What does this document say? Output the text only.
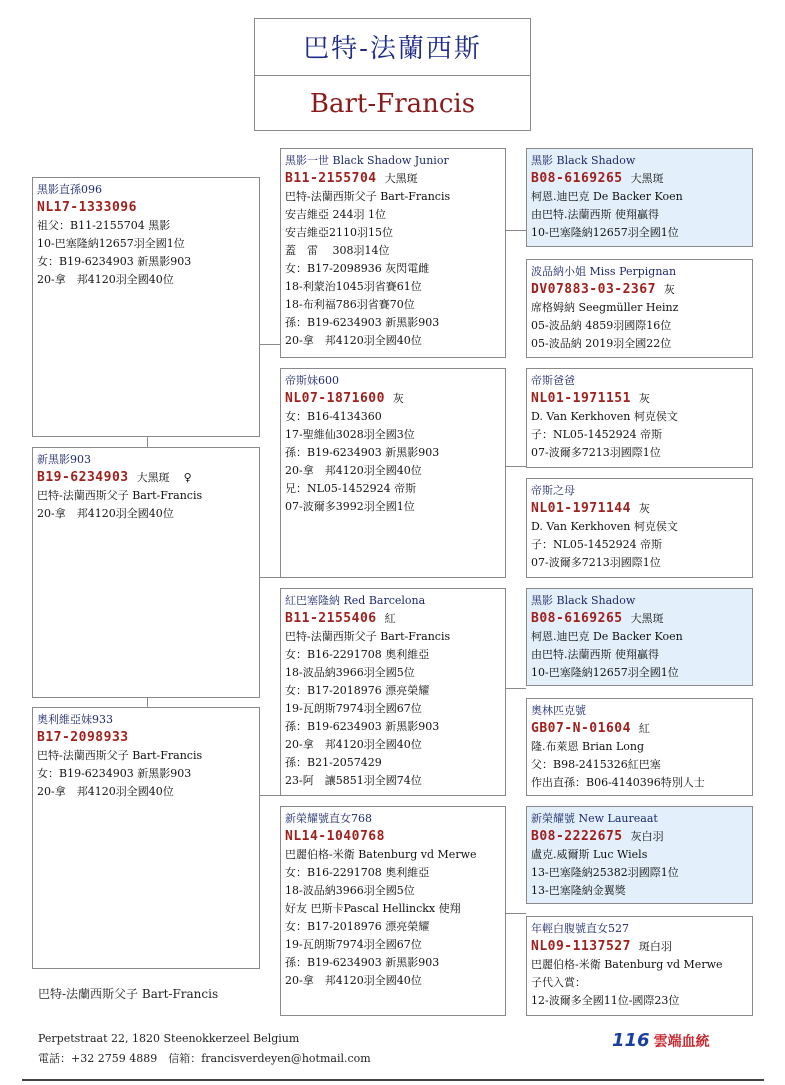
巴特-法蘭西斯
Bart-Francis
黑影直孫096
NL17-1333096
祖父：B11-2155704 黑影
10-巴塞隆納12657羽全國1位
女：B19-6234903 新黑影903
20-拿　邦4120羽全國40位
新黑影903
B19-6234903 大黑斑 ♀
巴特-法蘭西斯父子 Bart-Francis
20-拿　邦4120羽全國40位
奧利維亞妹933
B17-2098933
巴特-法蘭西斯父子 Bart-Francis
女：B19-6234903 新黑影903
20-拿　邦4120羽全國40位
黑影一世 Black Shadow Junior
B11-2155704 大黑斑
巴特-法蘭西斯父子 Bart-Francis
安吉維亞 244羽 1位
安吉維亞2110羽15位
蓋　雷　 308羽14位
女：B17-2098936 灰閃電雌
18-利蒙治1045羽省賽61位
18-布利福786羽省賽70位
孫：B19-6234903 新黑影903
20-拿　邦4120羽全國40位
帝斯妹600
NL07-1871600 灰
女：B16-4134360
17-聖維仙3028羽全國3位
孫：B19-6234903 新黑影903
20-拿　邦4120羽全國40位
兄：NL05-1452924 帝斯
07-波爾多3992羽全國1位
紅巴塞隆納 Red Barcelona
B11-2155406 紅
巴特-法蘭西斯父子 Bart-Francis
女：B16-2291708 奧利維亞
18-波品納3966羽全國5位
女：B17-2018976 漂亮榮耀
19-瓦朗斯7974羽全國67位
孫：B19-6234903 新黑影903
20-拿　邦4120羽全國40位
孫：B21-2057429
23-阿　讓5851羽全國74位
新榮耀號直女768
NL14-1040768
巴麗伯格-米衛 Batenburg vd Merwe
女：B16-2291708 奧利維亞
18-波品納3966羽全國5位
好友 巴斯卡Pascal Hellinckx 使翔
女：B17-2018976 漂亮榮耀
19-瓦朗斯7974羽全國67位
孫：B19-6234903 新黑影903
20-拿　邦4120羽全國40位
黑影 Black Shadow
B08-6169265 大黑斑
柯恩.迪巴克 De Backer Koen
由巴特.法蘭西斯 使翔贏得
10-巴塞隆納12657羽全國1位
波品納小姐 Miss Perpignan
DV07883-03-2367 灰
席格姆納 Seegmüller Heinz
05-波品納 4859羽國際16位
05-波品納 2019羽全國22位
帝斯爸爸
NL01-1971151 灰
D. Van Kerkhoven 柯克侯文
子：NL05-1452924 帝斯
07-波爾多7213羽國際1位
帝斯之母
NL01-1971144 灰
D. Van Kerkhoven 柯克侯文
子：NL05-1452924 帝斯
07-波爾多7213羽國際1位
黑影 Black Shadow
B08-6169265 大黑斑
柯恩.迪巴克 De Backer Koen
由巴特.法蘭西斯 使翔贏得
10-巴塞隆納12657羽全國1位
奧林匹克號
GB07-N-01604 紅
隆.布萊恩 Brian Long
父：B98-2415326紅巴塞
作出直孫：B06-4140396特別人士
新榮耀號 New Laureaat
B08-2222675 灰白羽
盧克.威爾斯 Luc Wiels
13-巴塞隆納25382羽國際1位
13-巴塞隆納金翼獎
年輕白腹號直女527
NL09-1137527 斑白羽
巴麗伯格-米衛 Batenburg vd Merwe
子代入賞：
12-波爾多全國11位-國際23位
巴特-法蘭西斯父子 Bart-Francis
Perpetstraat 22, 1820 Steenokkerzeel Belgium
電話：+32 2759 4889　信箱：francisverdeyen@hotmail.com
116 雲端血統
